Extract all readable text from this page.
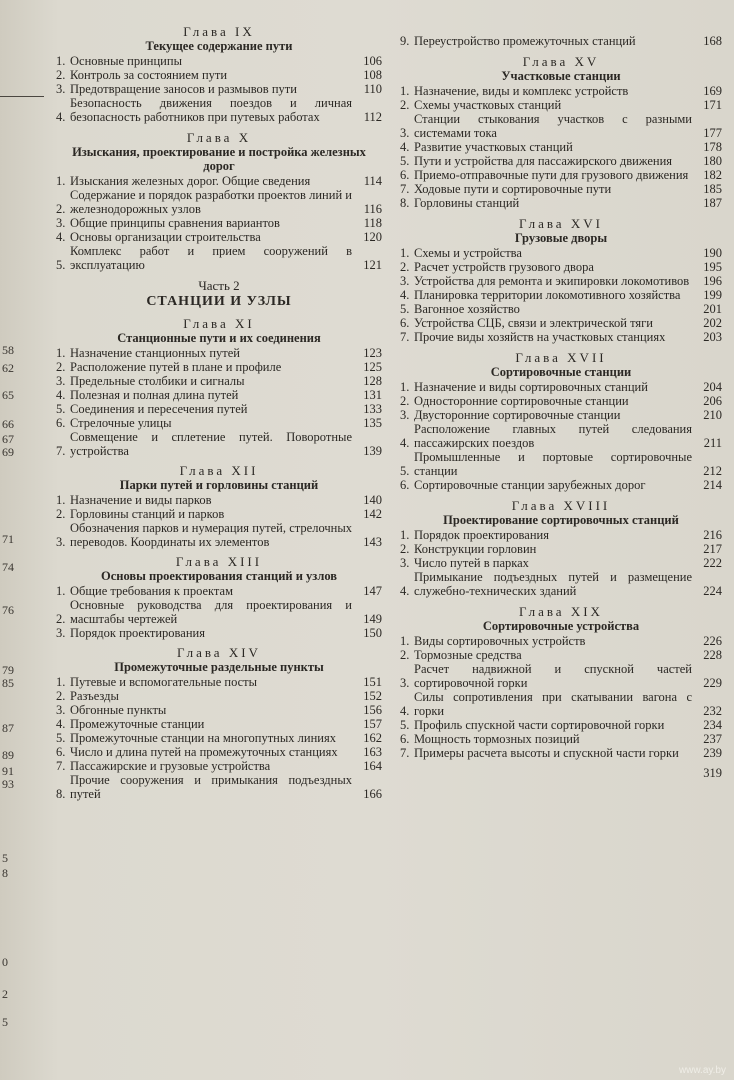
58
62
65
66
67
69
71
74
76
79
85
87
89
91
93
5
8
0
2
5
Глава IX
Текущее содержание пути
1. Основные принципы	106
2. Контроль за состоянием пути	108
3. Предотвращение заносов и размывов пути	110
4.
Безопасность движения поездов и личная безопасность работников при путевых работах	112
Глава X
Изыскания, проектирование и постройка железных дорог
1. Изыскания железных дорог. Общие сведения	114
2.
Содержание и порядок разработки проектов линий и железнодорожных узлов	116
3. Общие принципы сравнения вариантов	118
4. Основы организации строительства	120
5.
Комплекс работ и прием сооружений в эксплуатацию	121
Часть 2
СТАНЦИИ И УЗЛЫ
Глава XI
Станционные пути и их соединения
1. Назначение станционных путей	123
2. Расположение путей в плане и профиле	125
3. Предельные столбики и сигналы	128
4. Полезная и полная длина путей	131
5. Соединения и пересечения путей	133
6. Стрелочные улицы	135
7.
Совмещение и сплетение путей. Поворотные устройства	139
Глава XII
Парки путей и горловины станций
1. Назначение и виды парков	140
2. Горловины станций и парков	142
3.
Обозначения парков и нумерация путей, стрелочных переводов. Координаты их элементов	143
Глава XIII
Основы проектирования станций и узлов
1. Общие требования к проектам	147
2.
Основные руководства для проектирования и масштабы чертежей	149
3. Порядок проектирования	150
Глава XIV
Промежуточные раздельные пункты
1. Путевые и вспомогательные посты	151
2. Разъезды	152
3. Обгонные пункты	156
4. Промежуточные станции	157
5. Промежуточные станции на многопутных линиях	162
6. Число и длина путей на промежуточных станциях	163
7. Пассажирские и грузовые устройства	164
8.
Прочие сооружения и примыкания подъездных путей	166
9. Переустройство промежуточных станций	168
Глава XV
Участковые станции
1. Назначение, виды и комплекс устройств	169
2. Схемы участковых станций	171
3.
Станции стыкования участков с разными системами тока	177
4. Развитие участковых станций	178
5. Пути и устройства для пассажирского движения	180
6. Приемо-отправочные пути для грузового движения	182
7. Ходовые пути и сортировочные пути	185
8. Горловины станций	187
Глава XVI
Грузовые дворы
1. Схемы и устройства	190
2. Расчет устройств грузового двора	195
3. Устройства для ремонта и экипировки локомотивов	196
4. Планировка территории локомотивного хозяйства	199
5. Вагонное хозяйство	201
6. Устройства СЦБ, связи и электрической тяги	202
7. Прочие виды хозяйств на участковых станциях	203
Глава XVII
Сортировочные станции
1. Назначение и виды сортировочных станций	204
2. Односторонние сортировочные станции	206
3. Двусторонние сортировочные станции	210
4.
Расположение главных путей следования пассажирских поездов	211
5.
Промышленные и портовые сортировочные станции	212
6. Сортировочные станции зарубежных дорог	214
Глава XVIII
Проектирование сортировочных станций
1. Порядок проектирования	216
2. Конструкции горловин	217
3. Число путей в парках	222
4.
Примыкание подъездных путей и размещение служебно-технических зданий	224
Глава XIX
Сортировочные устройства
1. Виды сортировочных устройств	226
2. Тормозные средства	228
3.
Расчет надвижной и спускной частей сортировочной горки	229
4.
Силы сопротивления при скатывании вагона с горки	232
5. Профиль спускной части сортировочной горки	234
6. Мощность тормозных позиций	237
7. Примеры расчета высоты и спускной части горки	239
319
www.ay.by
